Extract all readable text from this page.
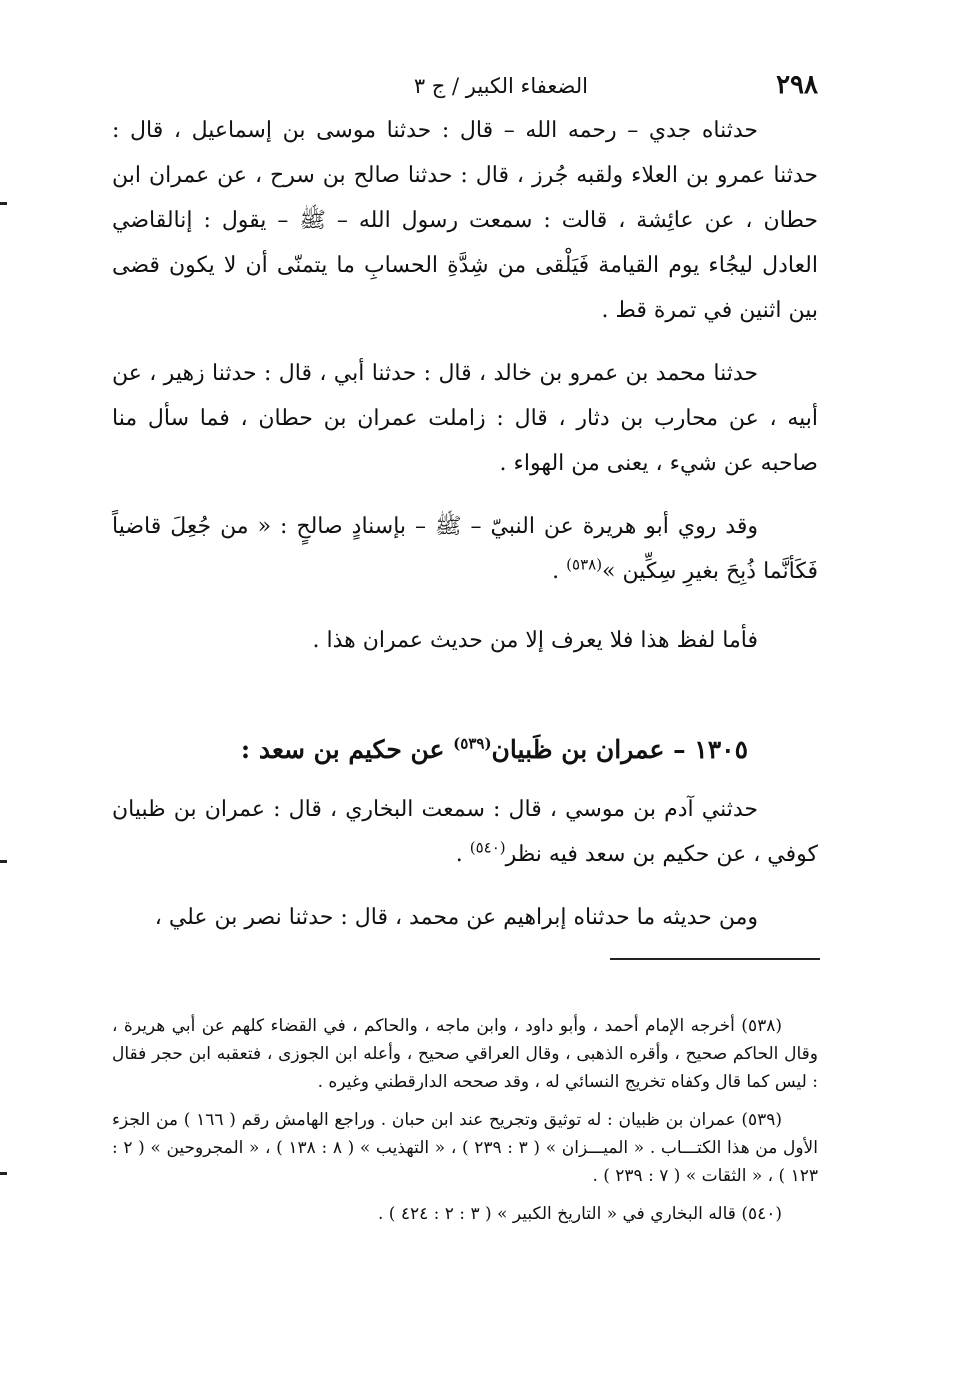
٢٩٨
الضعفاء الكبير / ج ٣

حدثناه جدي – رحمه الله – قال : حدثنا موسى بن إسماعيل ، قال : حدثنا عمرو بن العلاء ولقبه جُرز ، قال : حدثنا صالح بن سرح ، عن عمران ابن حطان ، عن عائِشة ، قالت : سمعت رسول الله – ﷺ – يقول : إنالقاضي العادل ليجُاء يوم القيامة فَيَلْقى من شِدَّةِ الحسابِ ما يتمنّى أن لا يكون قضى بين اثنين في تمرة قط .

حدثنا محمد بن عمرو بن خالد ، قال : حدثنا أبي ، قال : حدثنا زهير ، عن أبيه ، عن محارب بن دثار ، قال : زاملت عمران بن حطان ، فما سأل منا صاحبه عن شيء ، يعنى من الهواء .

وقد روي أبو هريرة عن النبيّ – ﷺ – بإسنادٍ صالحٍ : « من جُعِلَ قاضياً فَكَأنَّما ذُبِحَ بغيرِ سِكِّين »$^{(٥٣٨)}$ .

فأما لفظ هذا فلا يعرف إلا من حديث عمران هذا .

١٣٠٥ – عمران بن ظَبيان$^{(٥٣٩)}$ عن حكيم بن سعد :

حدثني آدم بن موسي ، قال : سمعت البخاري ، قال : عمران بن ظبيان كوفي ، عن حكيم بن سعد فيه نظر$^{(٥٤٠)}$ .

ومن حديثه ما حدثناه إبراهيم عن محمد ، قال : حدثنا نصر بن علي ،

(٥٣٨) أخرجه الإمام أحمد ، وأبو داود ، وابن ماجه ، والحاكم ، في القضاء كلهم عن أبي هريرة ، وقال الحاكم صحيح ، وأقره الذهبى ، وقال العراقي صحيح ، وأعله ابن الجوزى ، فتعقبه ابن حجر فقال : ليس كما قال وكفاه تخريج النسائي له ، وقد صححه الدارقطني وغيره .

(٥٣٩) عمران بن ظبيان : له توثيق وتجريح عند ابن حبان . وراجع الهامش رقم ( ١٦٦ ) من الجزء الأول من هذا الكتـــاب . « الميـــزان » ( ٣ : ٢٣٩ ) ، « التهذيب » ( ٨ : ١٣٨ ) ، « المجروحين » ( ٢ : ١٢٣ ) ، « الثقات » ( ٧ : ٢٣٩ ) .

(٥٤٠) قاله البخاري في « التاريخ الكبير » ( ٣ : ٢ : ٤٢٤ ) .
